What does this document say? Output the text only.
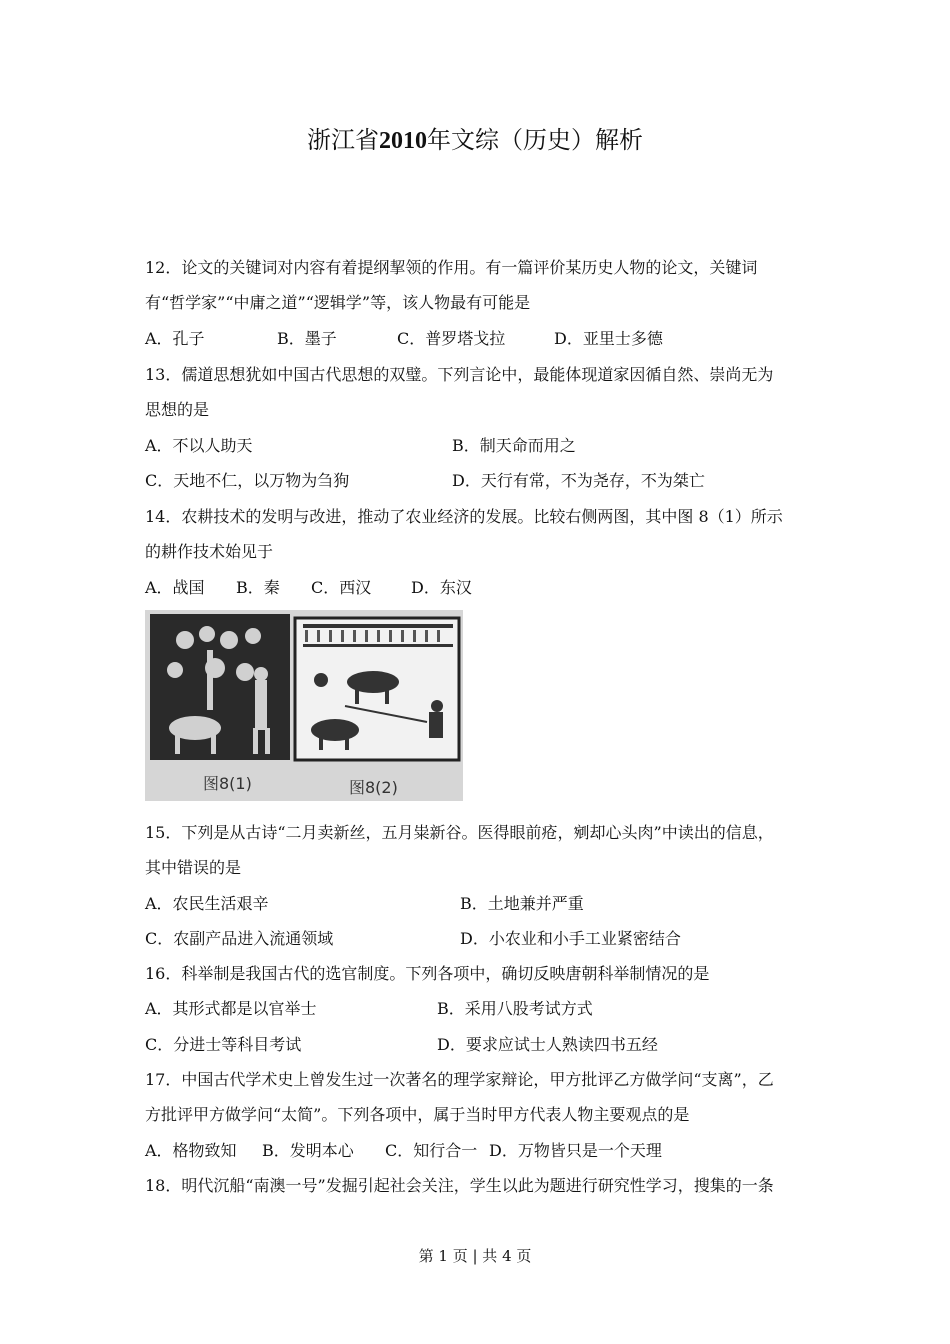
浙江省2010年文综（历史）解析
12．论文的关键词对内容有着提纲挈领的作用。有一篇评价某历史人物的论文，关键词
有“哲学家”“中庸之道”“逻辑学”等，该人物最有可能是
A．孔子	B．墨子	C．普罗塔戈拉	D．亚里士多德
13．儒道思想犹如中国古代思想的双璧。下列言论中，最能体现道家因循自然、崇尚无为
思想的是
A．不以人助天	B．制天命而用之
C．天地不仁，以万物为刍狗	D．天行有常，不为尧存，不为桀亡
14．农耕技术的发明与改进，推动了农业经济的发展。比较右侧两图，其中图 8（1）所示
的耕作技术始见于
A．战国 B．秦 C．西汉 D．东汉
图8(1)	图8(2)
15．下列是从古诗“二月卖新丝，五月粜新谷。医得眼前疮，剜却心头肉”中读出的信息，
其中错误的是
A．农民生活艰辛	B．土地兼并严重
C．农副产品进入流通领域	D．小农业和小手工业紧密结合
16．科举制是我国古代的选官制度。下列各项中，确切反映唐朝科举制情况的是
A．其形式都是以官举士	B．采用八股考试方式
C．分进士等科目考试	D．要求应试士人熟读四书五经
17．中国古代学术史上曾发生过一次著名的理学家辩论，甲方批评乙方做学问“支离”，乙
方批评甲方做学问“太简”。下列各项中，属于当时甲方代表人物主要观点的是
A．格物致知 B．发明本心 C．知行合一 D．万物皆只是一个天理
18．明代沉船“南澳一号”发掘引起社会关注，学生以此为题进行研究性学习，搜集的一条
第 1 页 | 共 4 页
